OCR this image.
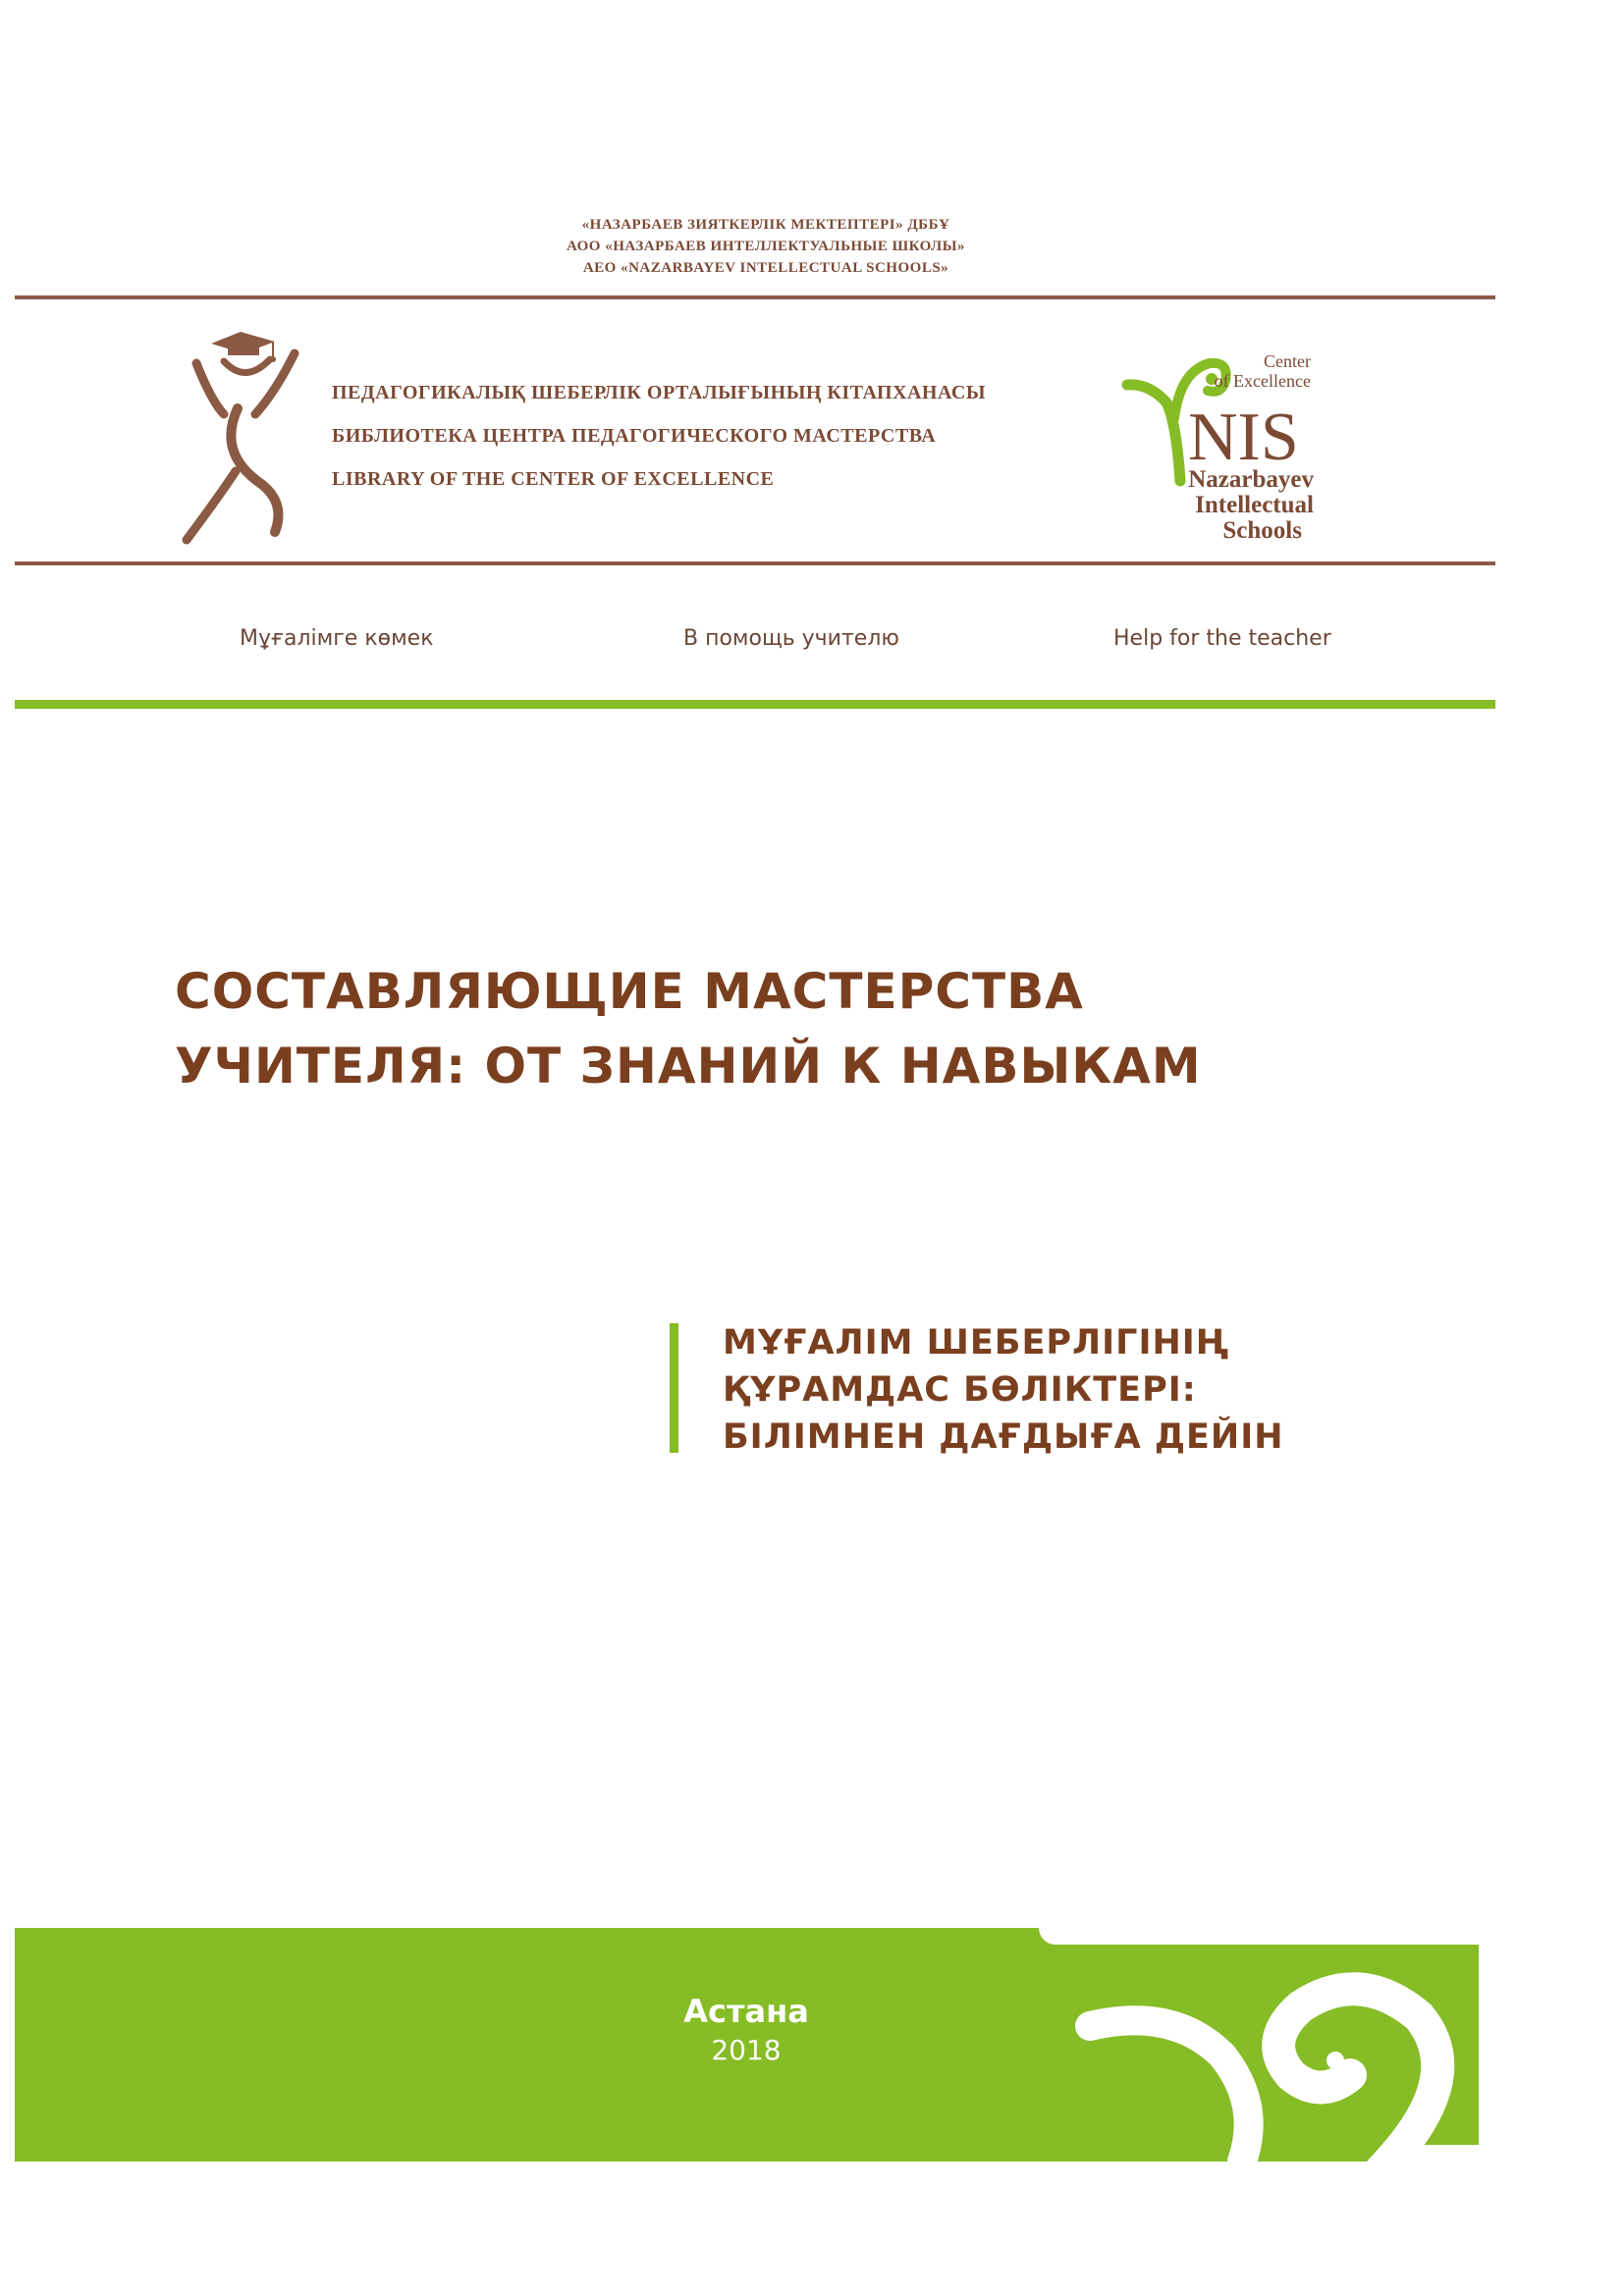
«НАЗАРБАЕВ ЗИЯТКЕРЛІК МЕКТЕПТЕРІ» ДББҰ
АОО «НАЗАРБАЕВ ИНТЕЛЛЕКТУАЛЬНЫЕ ШКОЛЫ»
АЕО «NAZARBAYEV INTELLECTUAL SCHOOLS»
ПЕДАГОГИКАЛЫҚ ШЕБЕРЛІК ОРТАЛЫҒЫНЫҢ КІТАПХАНАСЫ
БИБЛИОТЕКА ЦЕНТРА ПЕДАГОГИЧЕСКОГО МАСТЕРСТВА
LIBRARY OF THE CENTER OF EXCELLENCE
Center
of Excellence
NIS
Nazarbayev
Intellectual
Schools
Мұғалімге көмек	В помощь учителю	Help for the teacher
СОСТАВЛЯЮЩИЕ МАСТЕРСТВА
УЧИТЕЛЯ: ОТ ЗНАНИЙ К НАВЫКАМ
МҰҒАЛІМ ШЕБЕРЛІГІНІҢ
ҚҰРАМДАС БӨЛІКТЕРІ:
БІЛІМНЕН ДАҒДЫҒА ДЕЙІН
Астана
2018
